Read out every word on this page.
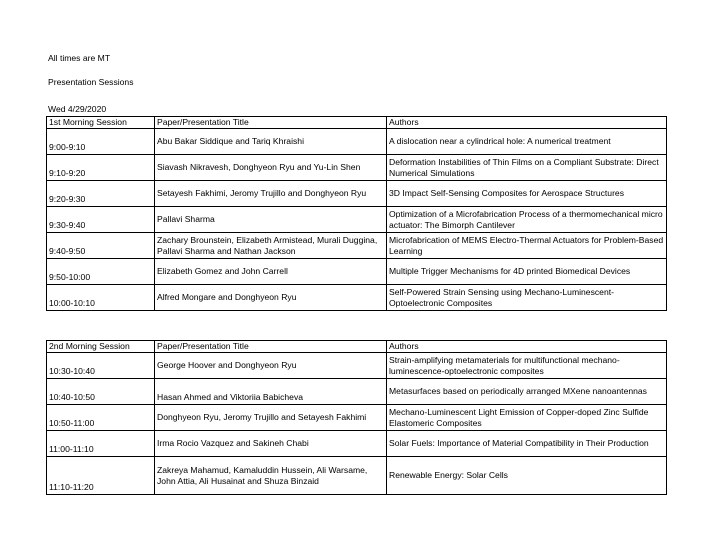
All times are MT
Presentation Sessions
Wed 4/29/2020
1st Morning Session	Paper/Presentation Title	Authors
9:00-9:10	Abu Bakar Siddique and Tariq Khraishi	A dislocation near a cylindrical hole: A numerical treatment
9:10-9:20	Siavash Nikravesh, Donghyeon Ryu and Yu-Lin Shen	Deformation Instabilities of Thin Films on a Compliant Substrate: Direct Numerical Simulations
9:20-9:30	Setayesh Fakhimi, Jeromy Trujillo and Donghyeon Ryu	3D Impact Self-Sensing Composites for Aerospace Structures
9:30-9:40	Pallavi Sharma	Optimization of a Microfabrication Process of a thermomechanical micro actuator: The Bimorph Cantilever
9:40-9:50	Zachary Brounstein, Elizabeth Armistead, Murali Duggina, Pallavi Sharma and Nathan Jackson	Microfabrication of MEMS Electro-Thermal Actuators for Problem-Based Learning
9:50-10:00	Elizabeth Gomez and John Carrell	Multiple Trigger Mechanisms for 4D printed Biomedical Devices
10:00-10:10	Alfred Mongare and Donghyeon Ryu	Self-Powered Strain Sensing using Mechano-Luminescent-Optoelectronic Composites
2nd Morning Session	Paper/Presentation Title	Authors
10:30-10:40	George Hoover and Donghyeon Ryu	Strain-amplifying metamaterials for multifunctional mechano-luminescence-optoelectronic composites
10:40-10:50	Hasan Ahmed and Viktoriia Babicheva	Metasurfaces based on periodically arranged MXene nanoantennas
10:50-11:00	Donghyeon Ryu, Jeromy Trujillo and Setayesh Fakhimi	Mechano-Luminescent Light Emission of Copper-doped Zinc Sulfide Elastomeric Composites
11:00-11:10	Irma Rocio Vazquez and Sakineh Chabi	Solar Fuels: Importance of Material Compatibility in Their Production
11:10-11:20	Zakreya Mahamud, Kamaluddin Hussein, Ali Warsame, John Attia, Ali Husainat and Shuza Binzaid	Renewable Energy: Solar Cells
